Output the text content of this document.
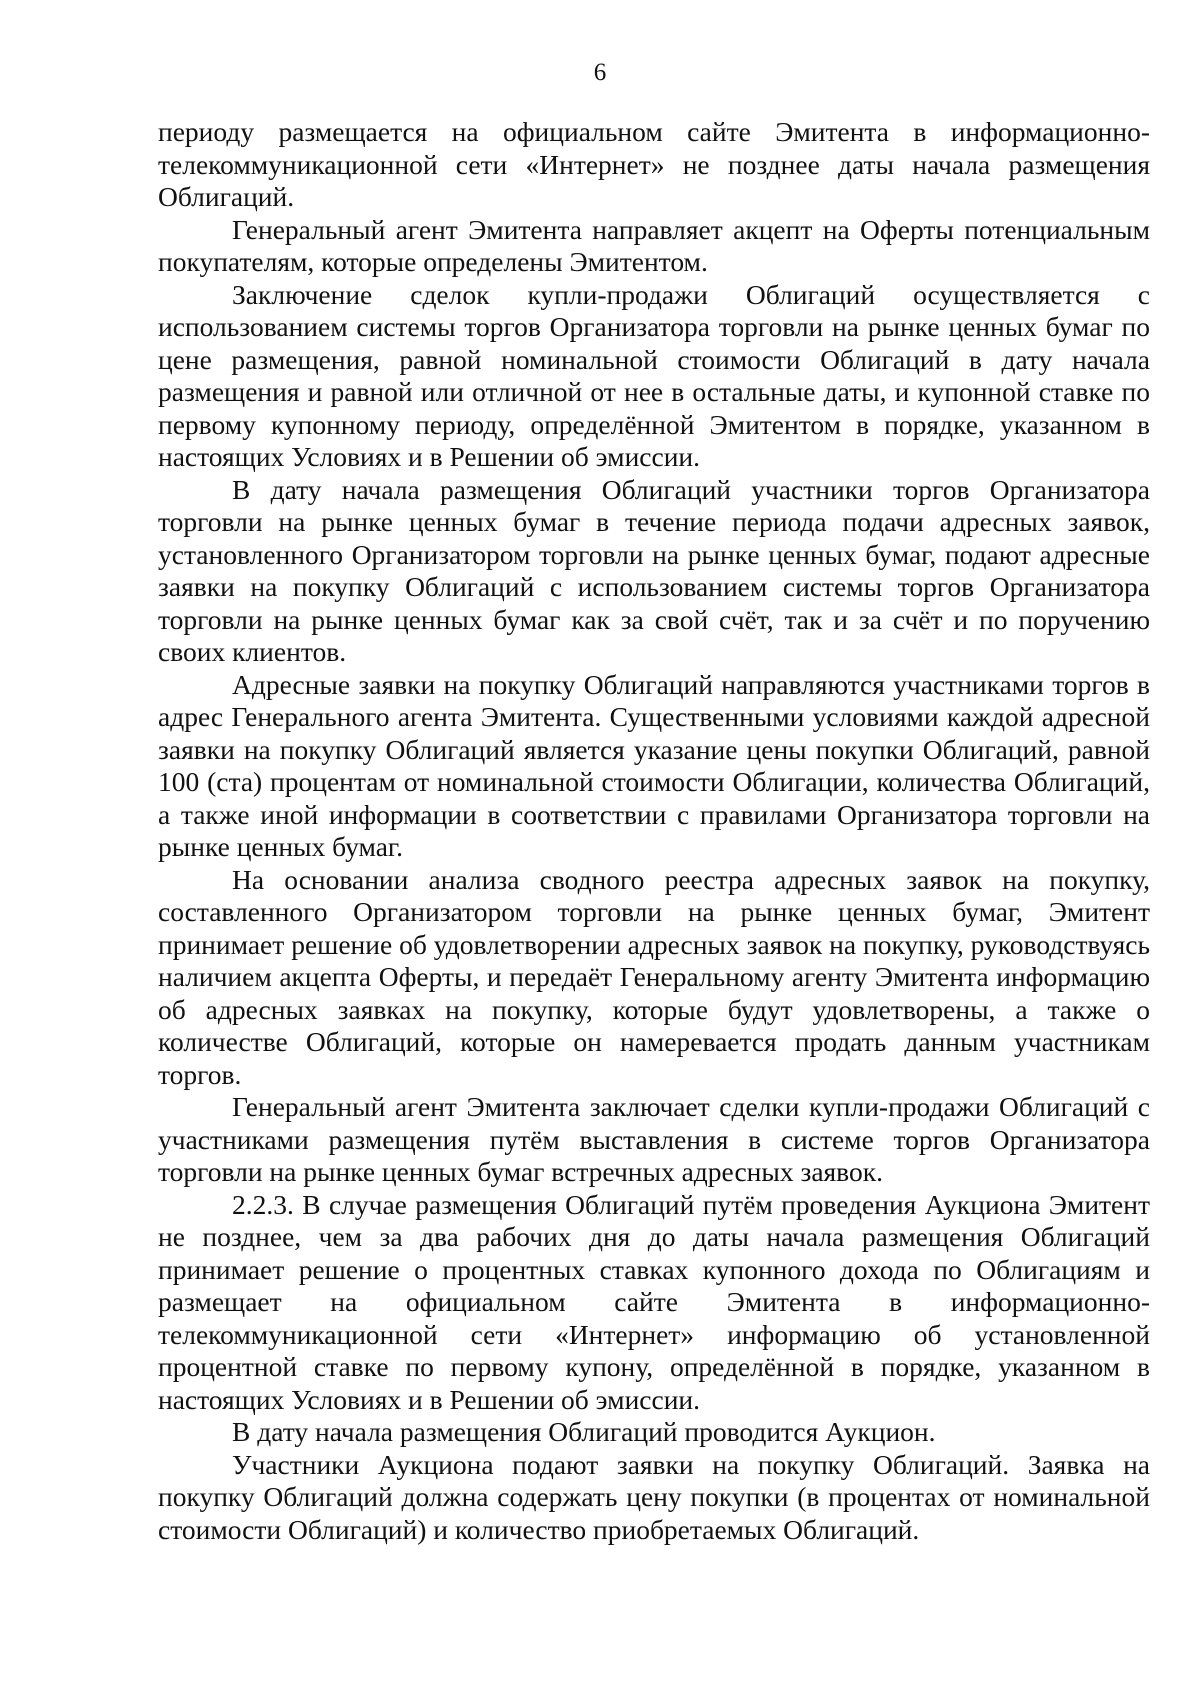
6

периоду размещается на официальном сайте Эмитента в информационно-телекоммуникационной сети «Интернет» не позднее даты начала размещения Облигаций.

Генеральный агент Эмитента направляет акцепт на Оферты потенциальным покупателям, которые определены Эмитентом.

Заключение сделок купли-продажи Облигаций осуществляется с использованием системы торгов Организатора торговли на рынке ценных бумаг по цене размещения, равной номинальной стоимости Облигаций в дату начала размещения и равной или отличной от нее в остальные даты, и купонной ставке по первому купонному периоду, определённой Эмитентом в порядке, указанном в настоящих Условиях и в Решении об эмиссии.

В дату начала размещения Облигаций участники торгов Организатора торговли на рынке ценных бумаг в течение периода подачи адресных заявок, установленного Организатором торговли на рынке ценных бумаг, подают адресные заявки на покупку Облигаций с использованием системы торгов Организатора торговли на рынке ценных бумаг как за свой счёт, так и за счёт и по поручению своих клиентов.

Адресные заявки на покупку Облигаций направляются участниками торгов в адрес Генерального агента Эмитента. Существенными условиями каждой адресной заявки на покупку Облигаций является указание цены покупки Облигаций, равной 100 (ста) процентам от номинальной стоимости Облигации, количества Облигаций, а также иной информации в соответствии с правилами Организатора торговли на рынке ценных бумаг.

На основании анализа сводного реестра адресных заявок на покупку, составленного Организатором торговли на рынке ценных бумаг, Эмитент принимает решение об удовлетворении адресных заявок на покупку, руководствуясь наличием акцепта Оферты, и передаёт Генеральному агенту Эмитента информацию об адресных заявках на покупку, которые будут удовлетворены, а также о количестве Облигаций, которые он намеревается продать данным участникам торгов.

Генеральный агент Эмитента заключает сделки купли-продажи Облигаций с участниками размещения путём выставления в системе торгов Организатора торговли на рынке ценных бумаг встречных адресных заявок.

2.2.3. В случае размещения Облигаций путём проведения Аукциона Эмитент не позднее, чем за два рабочих дня до даты начала размещения Облигаций принимает решение о процентных ставках купонного дохода по Облигациям и размещает на официальном сайте Эмитента в информационно-телекоммуникационной сети «Интернет» информацию об установленной процентной ставке по первому купону, определённой в порядке, указанном в настоящих Условиях и в Решении об эмиссии.

В дату начала размещения Облигаций проводится Аукцион.

Участники Аукциона подают заявки на покупку Облигаций. Заявка на покупку Облигаций должна содержать цену покупки (в процентах от номинальной стоимости Облигаций) и количество приобретаемых Облигаций.
